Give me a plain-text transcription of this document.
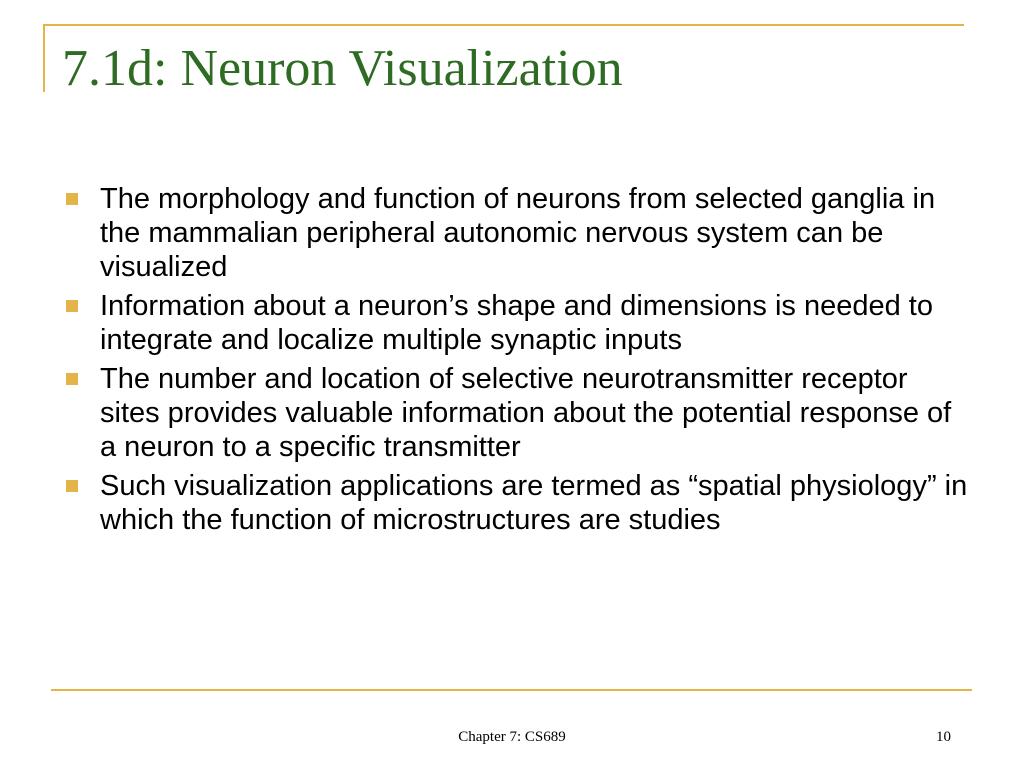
7.1d: Neuron Visualization
The morphology and function of neurons from selected ganglia in the mammalian peripheral autonomic nervous system can be visualized
Information about a neuron’s shape and dimensions is needed to integrate and localize multiple synaptic inputs
The number and location of selective neurotransmitter receptor sites provides valuable information about the potential response of a neuron to a specific transmitter
Such visualization applications are termed as “spatial physiology” in which the function of microstructures are studies
Chapter 7: CS689	10
